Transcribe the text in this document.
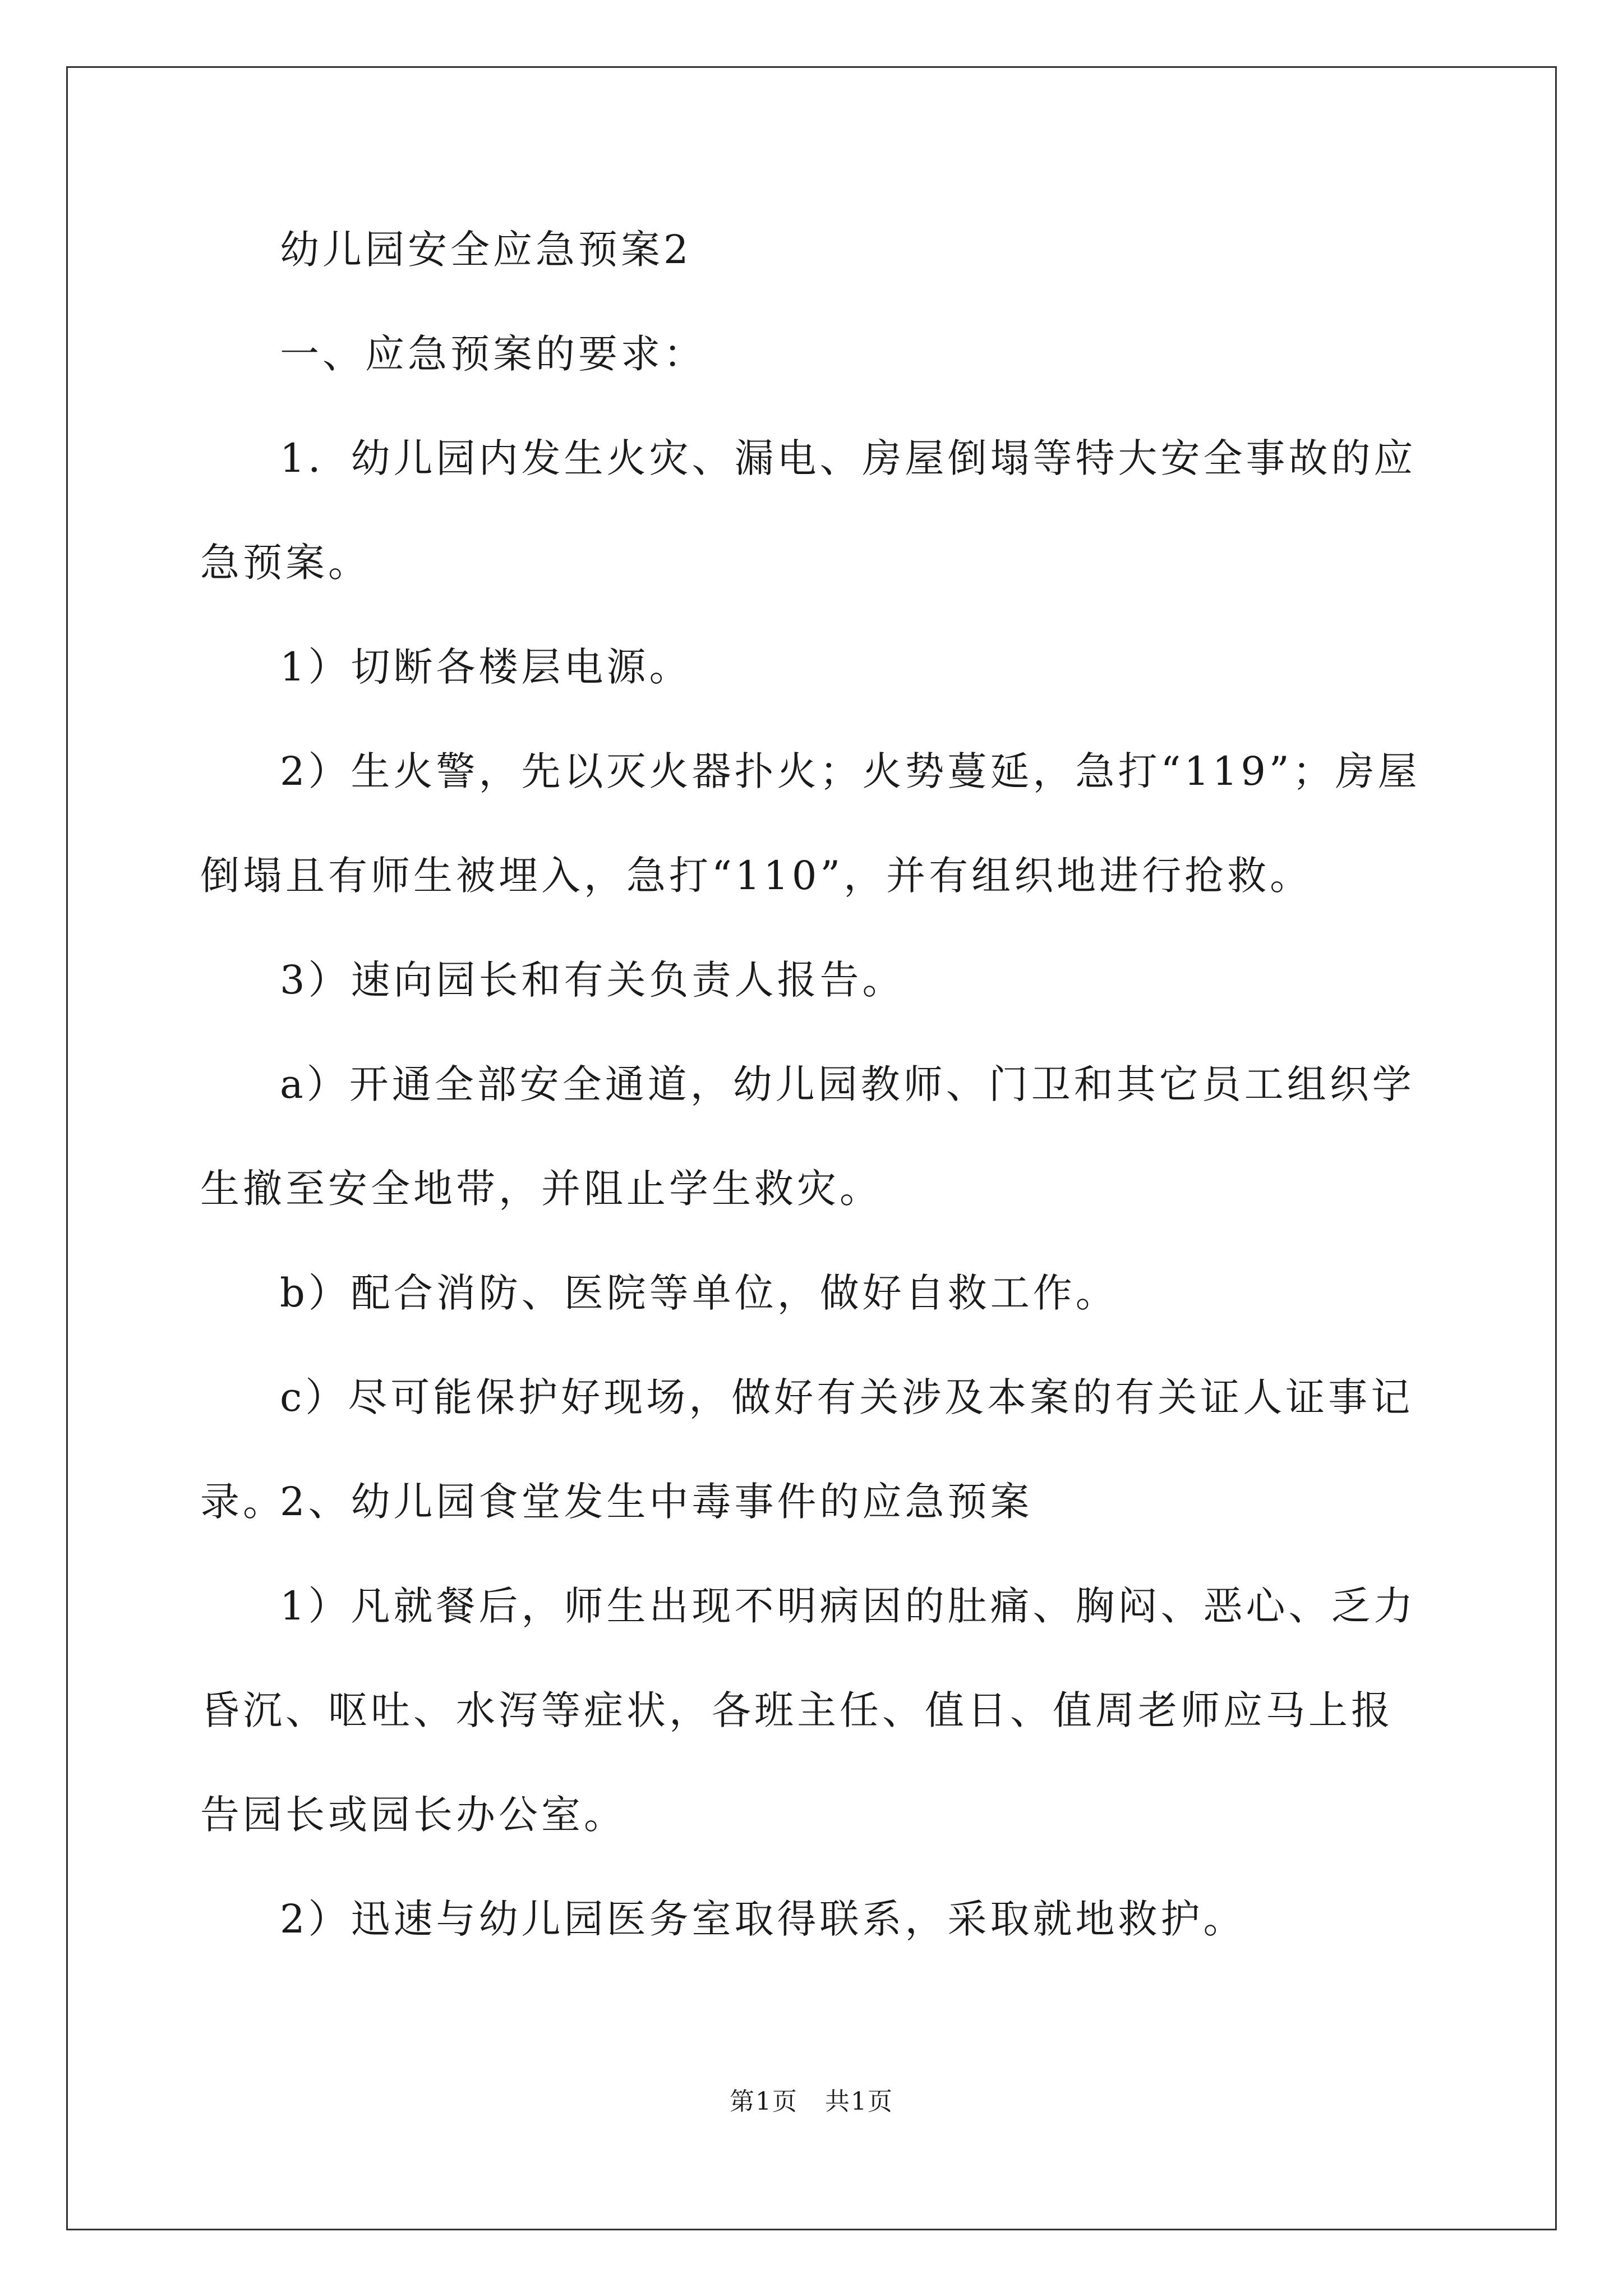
幼儿园安全应急预案2

一、应急预案的要求：

1．幼儿园内发生火灾、漏电、房屋倒塌等特大安全事故的应急预案。

1）切断各楼层电源。

2）生火警，先以灭火器扑火；火势蔓延，急打“119”；房屋倒塌且有师生被埋入，急打“110”，并有组织地进行抢救。

3）速向园长和有关负责人报告。

a）开通全部安全通道，幼儿园教师、门卫和其它员工组织学生撤至安全地带，并阻止学生救灾。

b）配合消防、医院等单位，做好自救工作。

c）尽可能保护好现场，做好有关涉及本案的有关证人证事记录。

2、幼儿园食堂发生中毒事件的应急预案

1）凡就餐后，师生出现不明病因的肚痛、胸闷、恶心、乏力昏沉、呕吐、水泻等症状，各班主任、值日、值周老师应马上报告园长或园长办公室。

2）迅速与幼儿园医务室取得联系，采取就地救护。

第1页 共1页
